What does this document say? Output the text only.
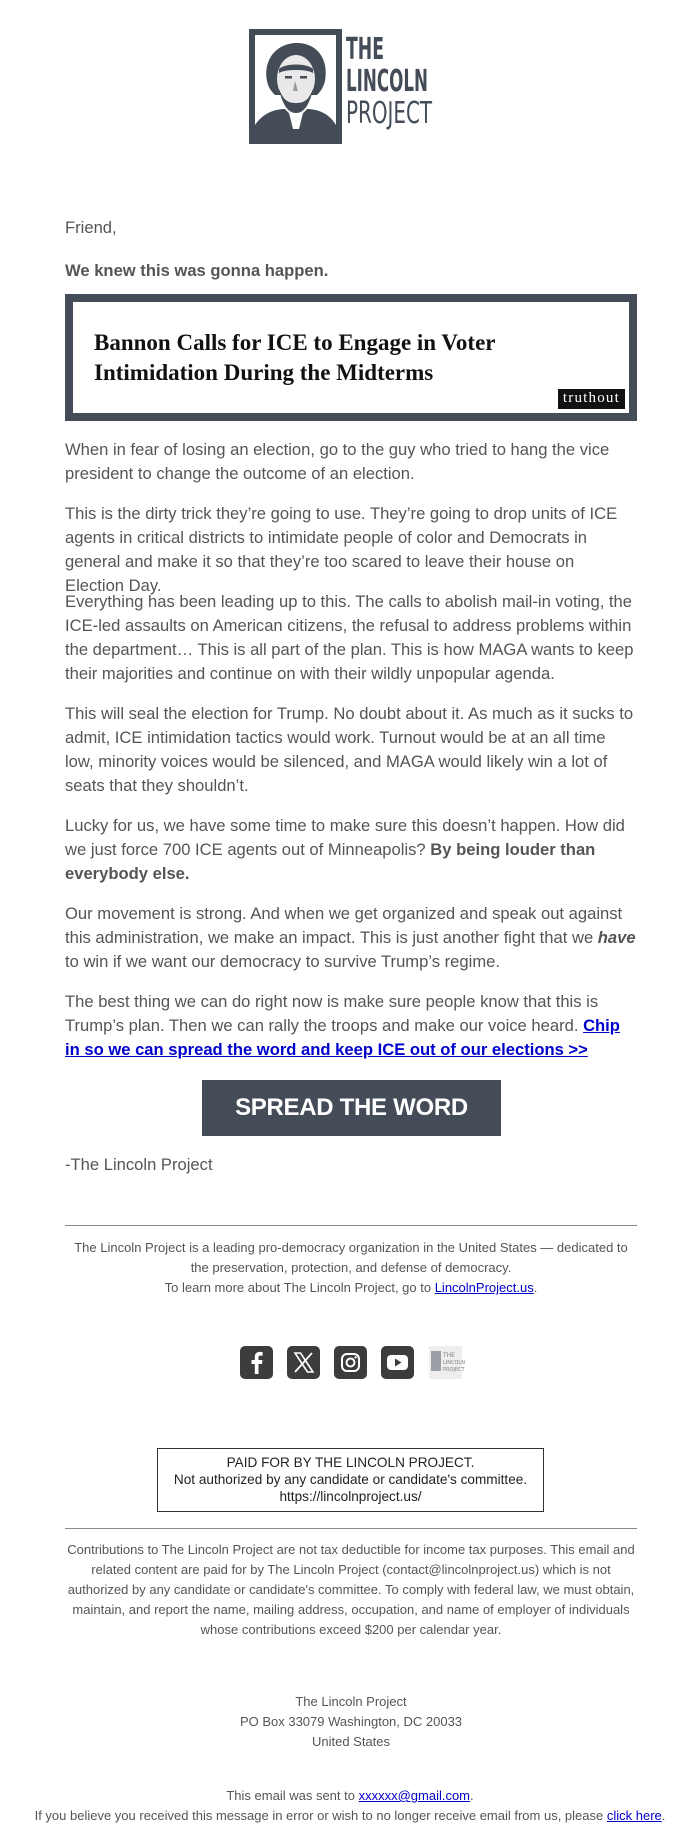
THE
LINCOLN
PROJECT

Friend,

We knew this was gonna happen.

Bannon Calls for ICE to Engage in Voter Intimidation During the Midterms
truthout

When in fear of losing an election, go to the guy who tried to hang the vice president to change the outcome of an election.

This is the dirty trick they’re going to use. They’re going to drop units of ICE agents in critical districts to intimidate people of color and Democrats in general and make it so that they’re too scared to leave their house on Election Day.

Everything has been leading up to this. The calls to abolish mail-in voting, the ICE-led assaults on American citizens, the refusal to address problems within the department… This is all part of the plan. This is how MAGA wants to keep their majorities and continue on with their wildly unpopular agenda.

This will seal the election for Trump. No doubt about it. As much as it sucks to admit, ICE intimidation tactics would work. Turnout would be at an all time low, minority voices would be silenced, and MAGA would likely win a lot of seats that they shouldn’t.

Lucky for us, we have some time to make sure this doesn’t happen. How did we just force 700 ICE agents out of Minneapolis? By being louder than everybody else.

Our movement is strong. And when we get organized and speak out against this administration, we make an impact. This is just another fight that we have to win if we want our democracy to survive Trump’s regime.

The best thing we can do right now is make sure people know that this is Trump’s plan. Then we can rally the troops and make our voice heard. Chip in so we can spread the word and keep ICE out of our elections >>

SPREAD THE WORD

-The Lincoln Project

The Lincoln Project is a leading pro-democracy organization in the United States — dedicated to the preservation, protection, and defense of democracy.
To learn more about The Lincoln Project, go to LincolnProject.us.
THE
LINCOLN
PROJECT
PAID FOR BY THE LINCOLN PROJECT.
Not authorized by any candidate or candidate's committee.
https://lincolnproject.us/
Contributions to The Lincoln Project are not tax deductible for income tax purposes. This email and related content are paid for by The Lincoln Project (contact@lincolnproject.us) which is not authorized by any candidate or candidate's committee. To comply with federal law, we must obtain, maintain, and report the name, mailing address, occupation, and name of employer of individuals whose contributions exceed $200 per calendar year.
The Lincoln Project
PO Box 33079 Washington, DC 20033
United States
This email was sent to xxxxxx@gmail.com.
If you believe you received this message in error or wish to no longer receive email from us, please click here.
